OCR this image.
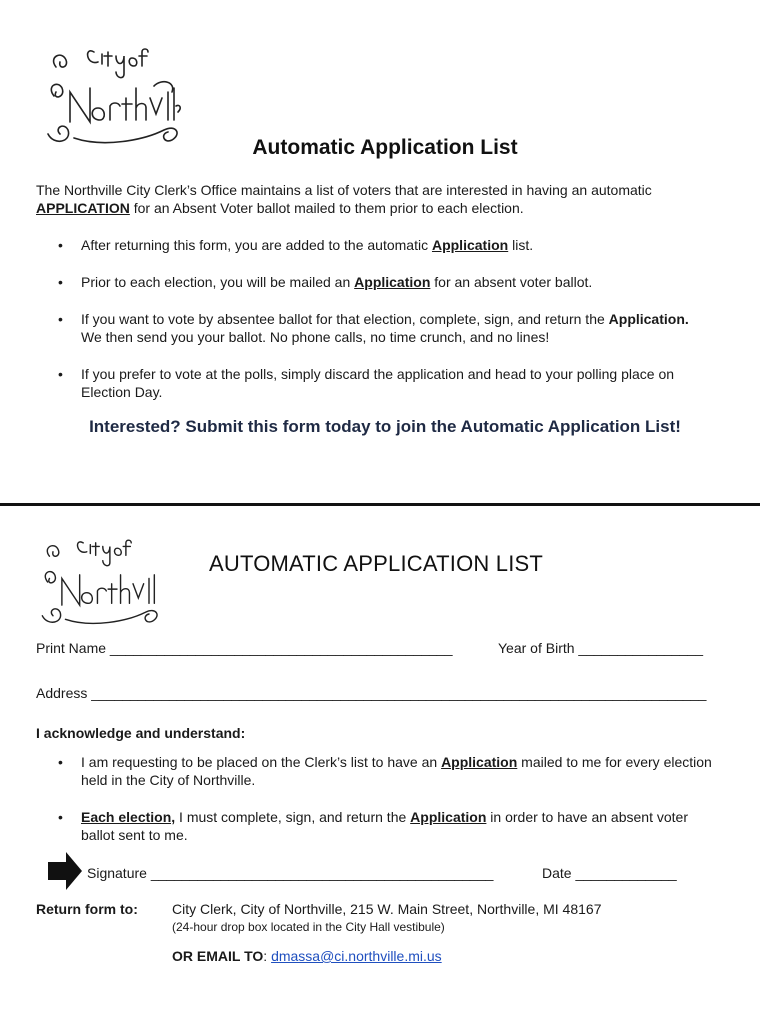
Automatic Application List
The Northville City Clerk’s Office maintains a list of voters that are interested in having an automatic
APPLICATION for an Absent Voter ballot mailed to them prior to each election.
• After returning this form, you are added to the automatic Application list.
• Prior to each election, you will be mailed an Application for an absent voter ballot.
• If you want to vote by absentee ballot for that election, complete, sign, and return the Application. We then send you your ballot. No phone calls, no time crunch, and no lines!
• If you prefer to vote at the polls, simply discard the application and head to your polling place on Election Day.
Interested? Submit this form today to join the Automatic Application List!
AUTOMATIC APPLICATION LIST
Print Name ____________________________________________	Year of Birth ________________
Address _______________________________________________________________________________
I acknowledge and understand:
• I am requesting to be placed on the Clerk’s list to have an Application mailed to me for every election held in the City of Northville.
• Each election, I must complete, sign, and return the Application in order to have an absent voter ballot sent to me.
Signature ____________________________________________	Date _____________
Return form to: City Clerk, City of Northville, 215 W. Main Street, Northville, MI 48167
(24-hour drop box located in the City Hall vestibule)
OR EMAIL TO: dmassa@ci.northville.mi.us
